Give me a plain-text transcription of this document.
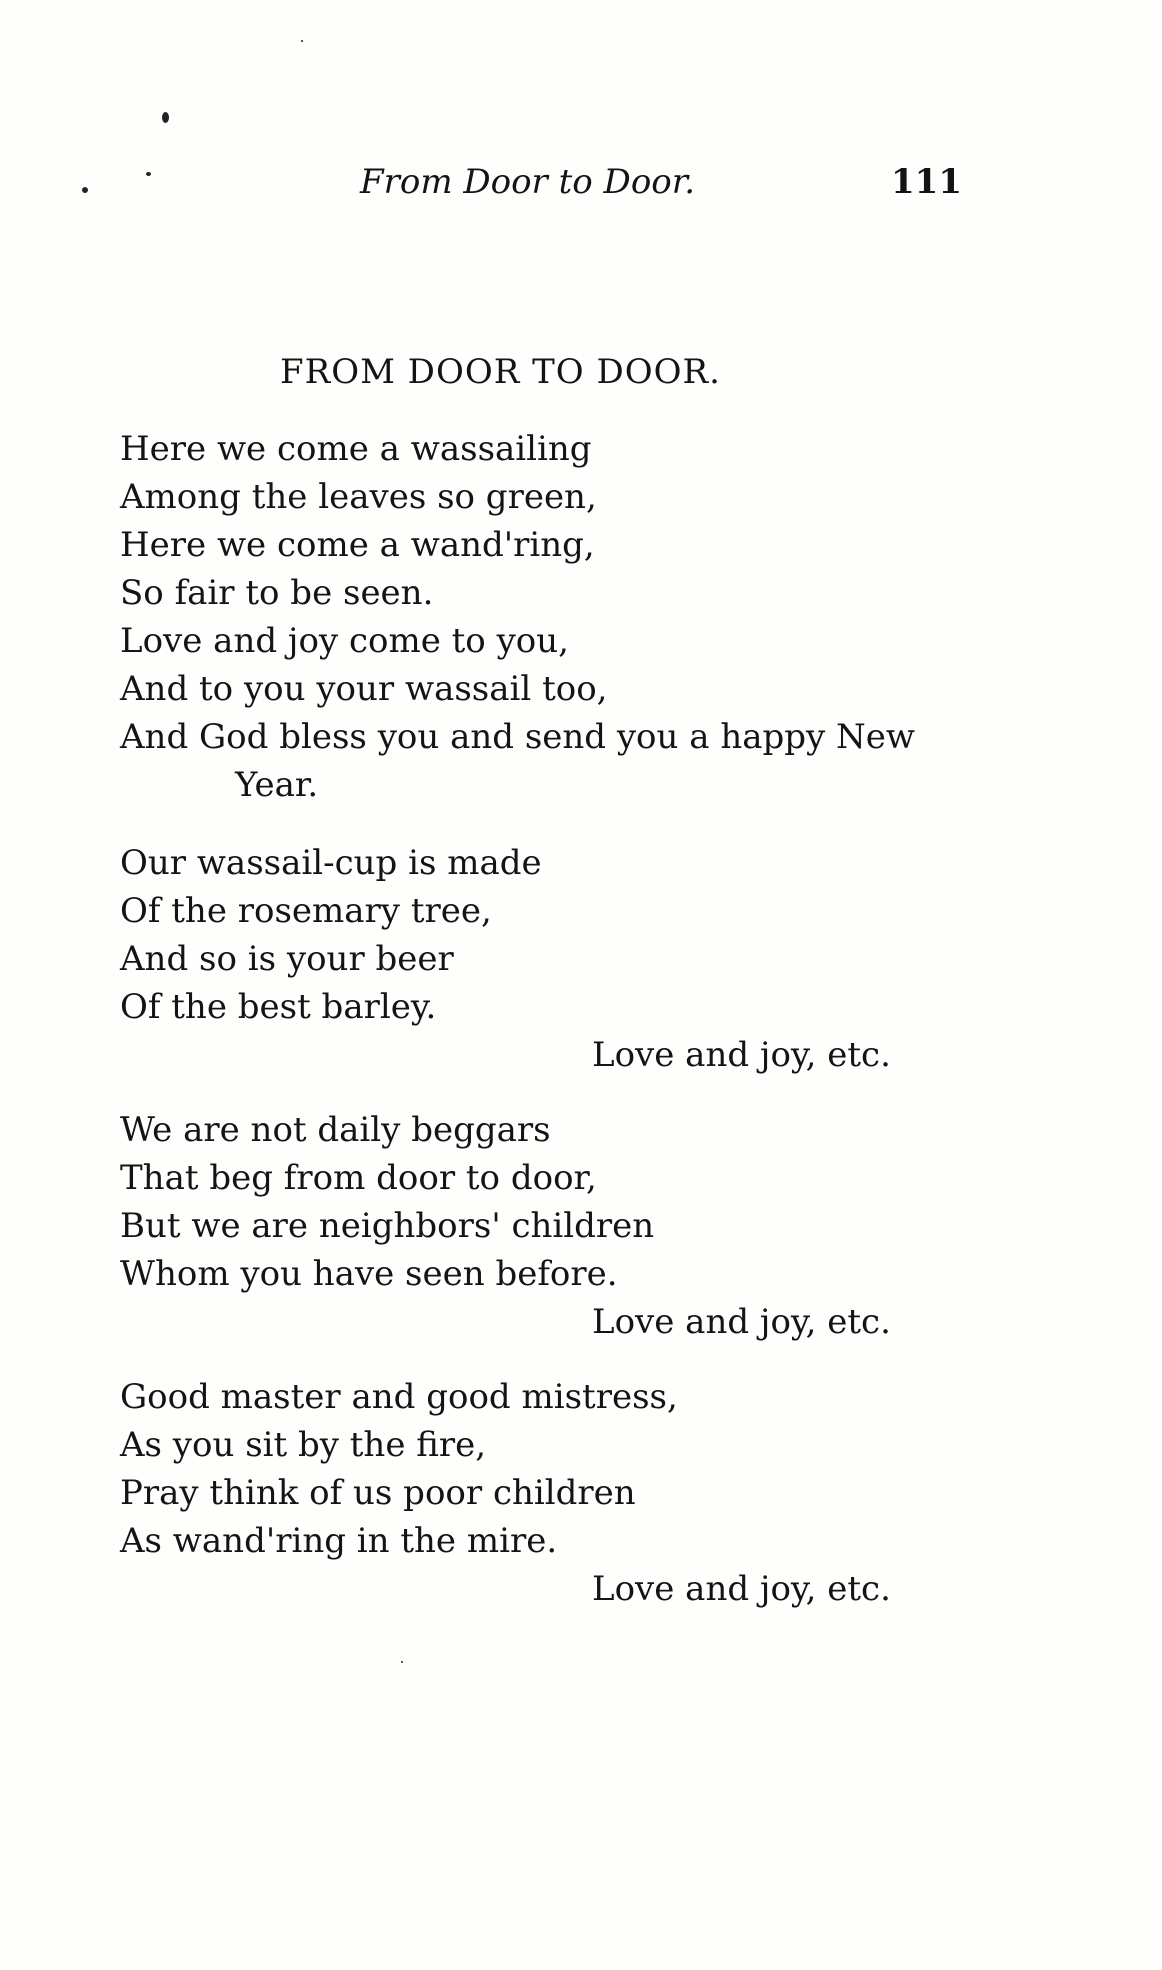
From Door to Door.	111
FROM DOOR TO DOOR.
Here we come a wassailing
Among the leaves so green,
Here we come a wand'ring,
So fair to be seen.
Love and joy come to you,
And to you your wassail too,
And God bless you and send you a happy New
Year.
Our wassail-cup is made
Of the rosemary tree,
And so is your beer
Of the best barley.
Love and joy, etc.
We are not daily beggars
That beg from door to door,
But we are neighbors' children
Whom you have seen before.
Love and joy, etc.
Good master and good mistress,
As you sit by the fire,
Pray think of us poor children
As wand'ring in the mire.
Love and joy, etc.
